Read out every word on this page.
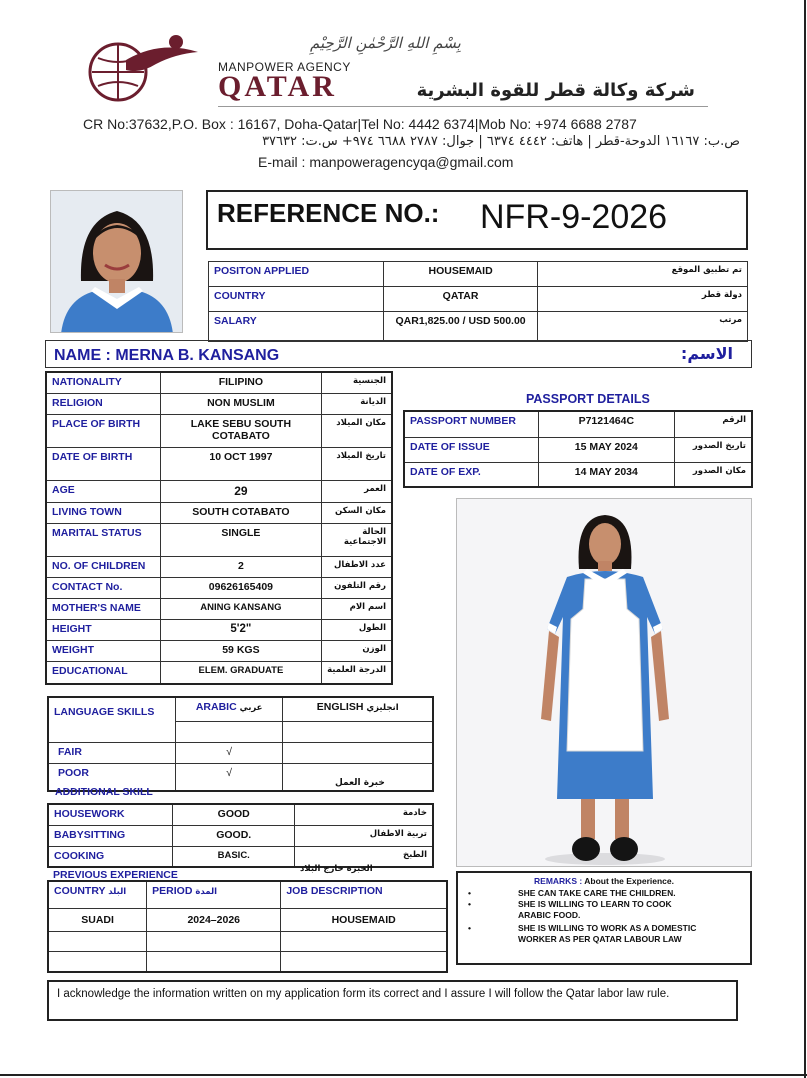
بِسْمِ اللهِ الرَّحْمٰنِ الرَّحِيْمِ
MANPOWER AGENCY
QATAR	شركة وكالة قطر للقوة البشرية
CR No:37632,P.O. Box : 16167, Doha-Qatar|Tel No: 4442 6374|Mob No: +974 6688 2787
ص.ب: ١٦١٦٧ الدوحة-قطر | هاتف: ٤٤٤٢ ٦٣٧٤ | جوال: ٢٧٨٧ ٦٦٨٨ ٩٧٤+ س.ت: ٣٧٦٣٢
E-mail : manpoweragencyqa@gmail.com
REFERENCE NO.: NFR-9-2026
POSITON APPLIED	HOUSEMAID	تم تطبيق الموقع
COUNTRY	QATAR	دولة قطر
SALARY	QAR1,825.00 / USD 500.00	مرتب
NAME : MERNA B. KANSANG	الاسم:
NATIONALITY	FILIPINO	الجنسية
RELIGION	NON MUSLIM	الديانة
PLACE OF BIRTH	LAKE SEBU SOUTH COTABATO	مكان الميلاد
DATE OF BIRTH	10 OCT 1997	تاريخ الميلاد
AGE	29	العمر
LIVING TOWN	SOUTH COTABATO	مكان السكن
MARITAL STATUS	SINGLE	الحالة الاجتماعية
NO. OF CHILDREN	2	عدد الاطفال
CONTACT No.	09626165409	رقم التلفون
MOTHER'S NAME	ANING KANSANG	اسم الام
HEIGHT	5'2"	الطول
WEIGHT	59 KGS	الوزن
EDUCATIONAL	ELEM. GRADUATE	الدرجة العلمية
PASSPORT DETAILS
PASSPORT NUMBER	P7121464C	الرقم
DATE OF ISSUE	15 MAY 2024	تاريخ الصدور
DATE OF EXP.	14 MAY 2034	مكان الصدور
LANGUAGE SKILLS	ARABIC عربي	ENGLISH انجليزي

FAIR	√	
POOR	√	
خبرة العمل
ADDITIONAL SKILL
HOUSEWORK	GOOD	خادمة
BABYSITTING	GOOD.	تربية الاطفال
COOKING	BASIC.	الطبخ
PREVIOUS EXPERIENCE	الخبرة خارج البلاد
COUNTRY البلد	PERIOD المدة	JOB DESCRIPTION
SUADI	2024–2026	HOUSEMAID

REMARKS : About the Experience.
•	SHE CAN TAKE CARE THE CHILDREN.
•	SHE IS WILLING TO LEARN TO COOK ARABIC FOOD.
•	SHE IS WILLING TO WORK AS A DOMESTIC WORKER AS PER QATAR LABOUR LAW
I acknowledge the information written on my application form its correct and I assure I will follow the Qatar labor law rule.
